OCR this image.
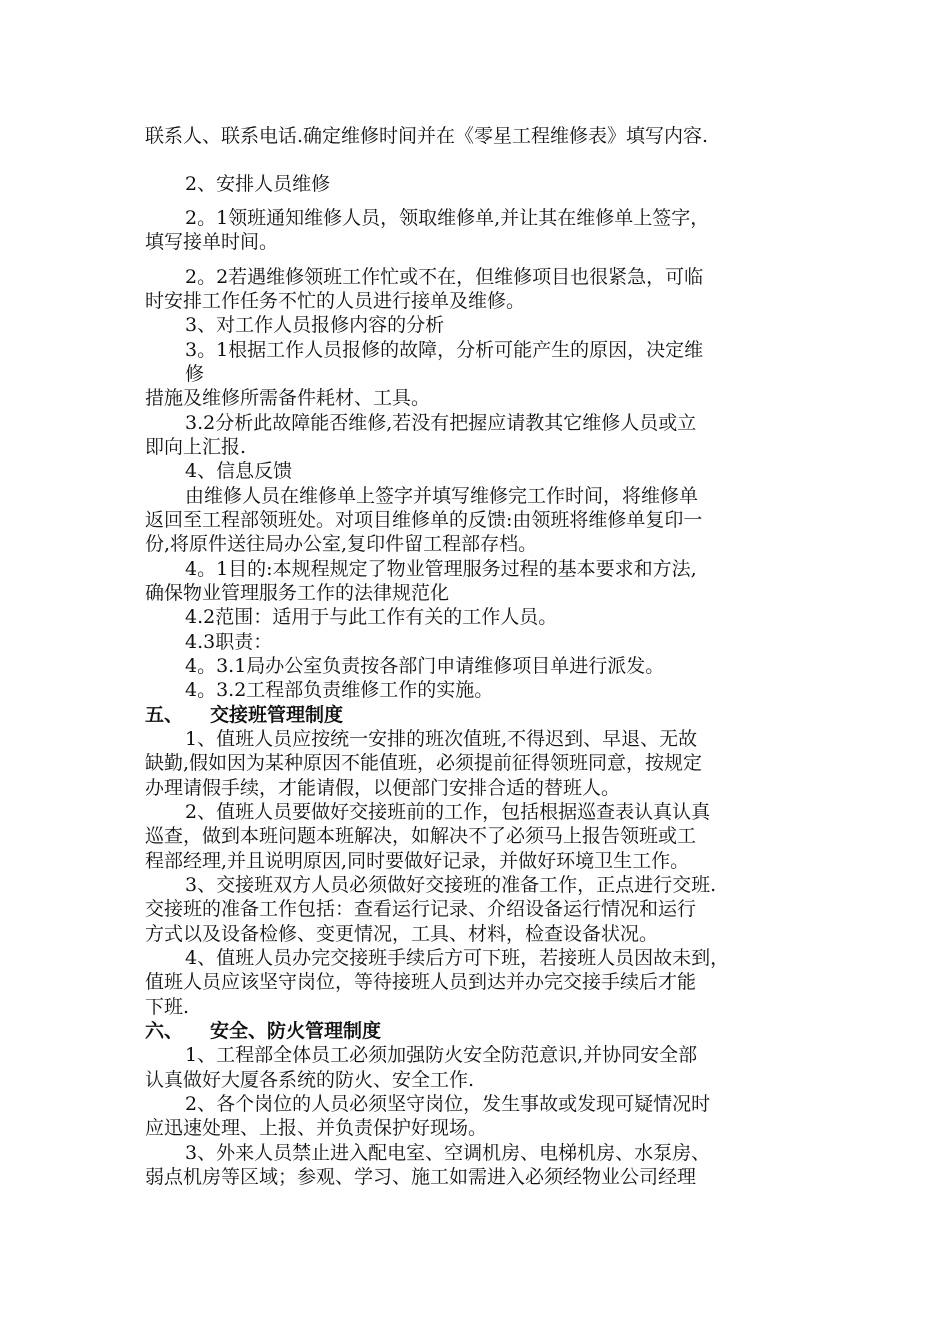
联系人、联系电话.确定维修时间并在《零星工程维修表》填写内容.
2、安排人员维修
2。1领班通知维修人员，领取维修单,并让其在维修单上签字，
填写接单时间。
2。2若遇维修领班工作忙或不在，但维修项目也很紧急，可临
时安排工作任务不忙的人员进行接单及维修。
3、对工作人员报修内容的分析
3。1根据工作人员报修的故障，分析可能产生的原因，决定维
修
措施及维修所需备件耗材、工具。
3.2分析此故障能否维修,若没有把握应请教其它维修人员或立
即向上汇报.
4、信息反馈
由维修人员在维修单上签字并填写维修完工作时间，将维修单
返回至工程部领班处。对项目维修单的反馈:由领班将维修单复印一
份,将原件送往局办公室,复印件留工程部存档。
4。1目的:本规程规定了物业管理服务过程的基本要求和方法,
确保物业管理服务工作的法律规范化
4.2范围：适用于与此工作有关的工作人员。
4.3职责：
4。3.1局办公室负责按各部门申请维修项目单进行派发。
4。3.2工程部负责维修工作的实施。
五、 交接班管理制度
1、值班人员应按统一安排的班次值班,不得迟到、早退、无故
缺勤,假如因为某种原因不能值班，必须提前征得领班同意，按规定
办理请假手续，才能请假，以便部门安排合适的替班人。
2、值班人员要做好交接班前的工作，包括根据巡查表认真认真
巡查，做到本班问题本班解决，如解决不了必须马上报告领班或工
程部经理,并且说明原因,同时要做好记录，并做好环境卫生工作。
3、交接班双方人员必须做好交接班的准备工作，正点进行交班.
交接班的准备工作包括：查看运行记录、介绍设备运行情况和运行
方式以及设备检修、变更情况，工具、材料，检查设备状况。
4、值班人员办完交接班手续后方可下班，若接班人员因故未到，
值班人员应该坚守岗位，等待接班人员到达并办完交接手续后才能
下班.
六、 安全、防火管理制度
1、工程部全体员工必须加强防火安全防范意识,并协同安全部
认真做好大厦各系统的防火、安全工作.
2、各个岗位的人员必须坚守岗位，发生事故或发现可疑情况时
应迅速处理、上报、并负责保护好现场。
3、外来人员禁止进入配电室、空调机房、电梯机房、水泵房、
弱点机房等区域；参观、学习、施工如需进入必须经物业公司经理
